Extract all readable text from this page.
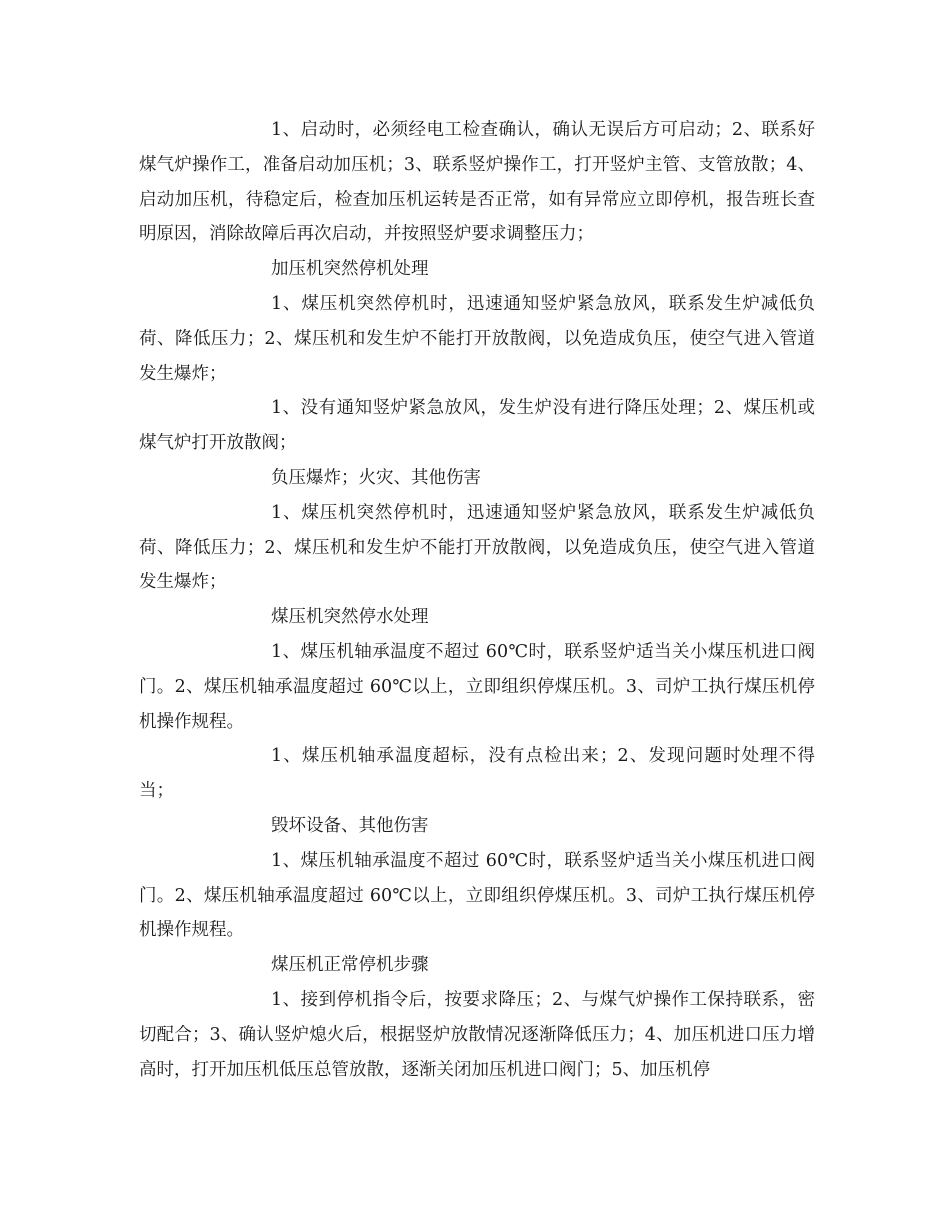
1、启动时，必须经电工检查确认，确认无误后方可启动；2、联系好煤气炉操作工，准备启动加压机；3、联系竖炉操作工，打开竖炉主管、支管放散；4、启动加压机，待稳定后，检查加压机运转是否正常，如有异常应立即停机，报告班长查明原因，消除故障后再次启动，并按照竖炉要求调整压力；

加压机突然停机处理

1、煤压机突然停机时，迅速通知竖炉紧急放风，联系发生炉减低负荷、降低压力；2、煤压机和发生炉不能打开放散阀，以免造成负压，使空气进入管道发生爆炸；

1、没有通知竖炉紧急放风，发生炉没有进行降压处理；2、煤压机或煤气炉打开放散阀；

负压爆炸；火灾、其他伤害

1、煤压机突然停机时，迅速通知竖炉紧急放风，联系发生炉减低负荷、降低压力；2、煤压机和发生炉不能打开放散阀，以免造成负压，使空气进入管道发生爆炸；

煤压机突然停水处理

1、煤压机轴承温度不超过 60℃时，联系竖炉适当关小煤压机进口阀门。2、煤压机轴承温度超过 60℃以上，立即组织停煤压机。3、司炉工执行煤压机停机操作规程。

1、煤压机轴承温度超标，没有点检出来；2、发现问题时处理不得当；

毁坏设备、其他伤害

1、煤压机轴承温度不超过 60℃时，联系竖炉适当关小煤压机进口阀门。2、煤压机轴承温度超过 60℃以上，立即组织停煤压机。3、司炉工执行煤压机停机操作规程。

煤压机正常停机步骤

1、接到停机指令后，按要求降压；2、与煤气炉操作工保持联系，密切配合；3、确认竖炉熄火后，根据竖炉放散情况逐渐降低压力；4、加压机进口压力增高时，打开加压机低压总管放散，逐渐关闭加压机进口阀门；5、加压机停
